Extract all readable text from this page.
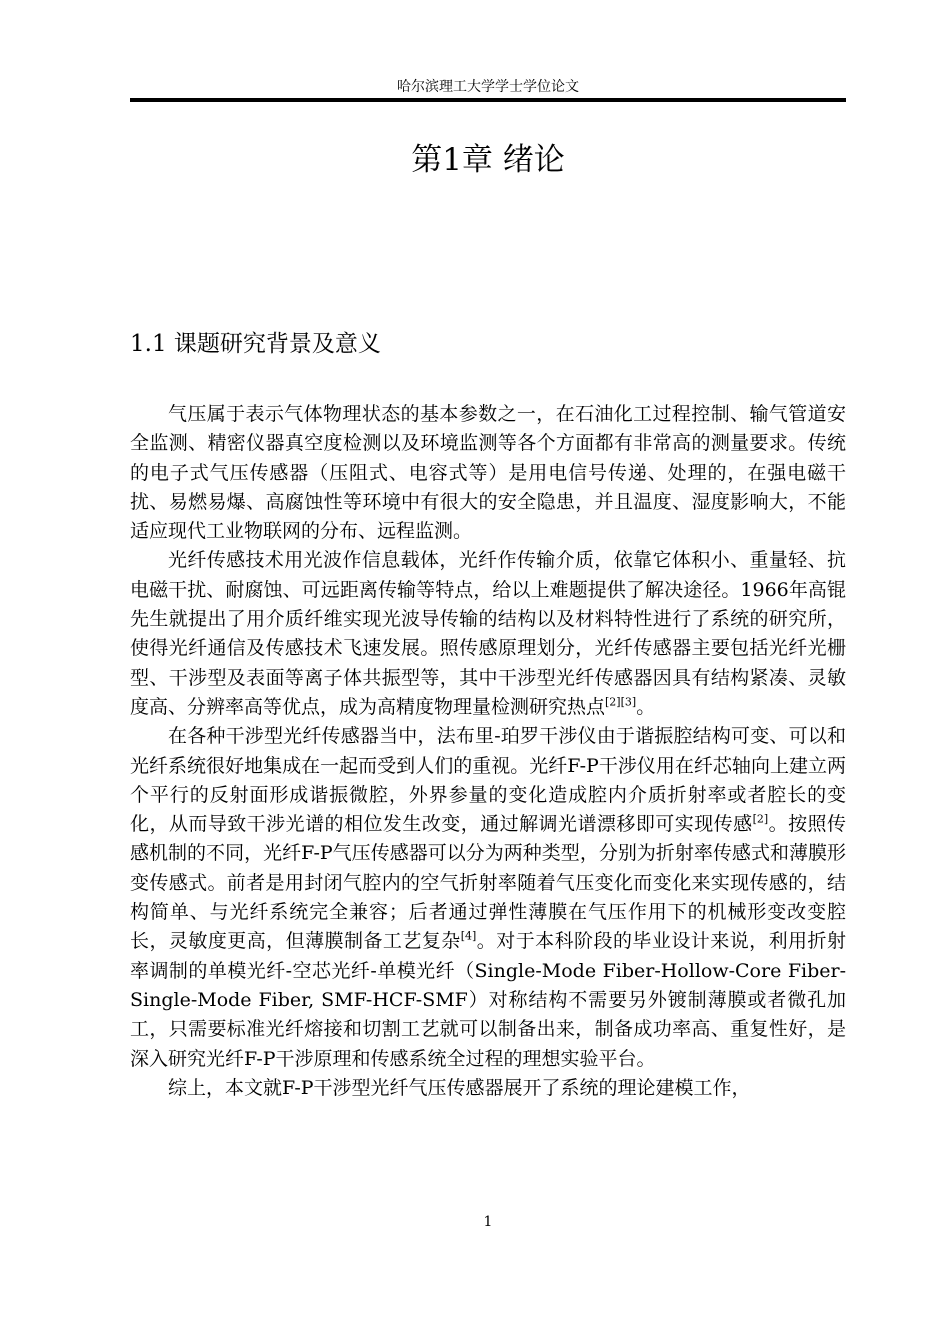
哈尔滨理工大学学士学位论文
第1章 绪论
1.1 课题研究背景及意义

气压属于表示气体物理状态的基本参数之一，在石油化工过程控制、输气管道安全监测、精密仪器真空度检测以及环境监测等各个方面都有非常高的测量要求。传统的电子式气压传感器（压阻式、电容式等）是用电信号传递、处理的，在强电磁干扰、易燃易爆、高腐蚀性等环境中有很大的安全隐患，并且温度、湿度影响大，不能适应现代工业物联网的分布、远程监测。

光纤传感技术用光波作信息载体，光纤作传输介质，依靠它体积小、重量轻、抗电磁干扰、耐腐蚀、可远距离传输等特点，给以上难题提供了解决途径。1966年高锟先生就提出了用介质纤维实现光波导传输的结构以及材料特性进行了系统的研究所，使得光纤通信及传感技术飞速发展。照传感原理划分，光纤传感器主要包括光纤光栅型、干涉型及表面等离子体共振型等，其中干涉型光纤传感器因具有结构紧凑、灵敏度高、分辨率高等优点，成为高精度物理量检测研究热点[2][3]。

在各种干涉型光纤传感器当中，法布里-珀罗干涉仪由于谐振腔结构可变、可以和光纤系统很好地集成在一起而受到人们的重视。光纤F-P干涉仪用在纤芯轴向上建立两个平行的反射面形成谐振微腔，外界参量的变化造成腔内介质折射率或者腔长的变化，从而导致干涉光谱的相位发生改变，通过解调光谱漂移即可实现传感[2]。按照传感机制的不同，光纤F-P气压传感器可以分为两种类型，分别为折射率传感式和薄膜形变传感式。前者是用封闭气腔内的空气折射率随着气压变化而变化来实现传感的，结构简单、与光纤系统完全兼容；后者通过弹性薄膜在气压作用下的机械形变改变腔长，灵敏度更高，但薄膜制备工艺复杂[4]。对于本科阶段的毕业设计来说，利用折射率调制的单模光纤-空芯光纤-单模光纤（Single-Mode Fiber-Hollow-Core Fiber-Single-Mode Fiber, SMF-HCF-SMF）对称结构不需要另外镀制薄膜或者微孔加工，只需要标准光纤熔接和切割工艺就可以制备出来，制备成功率高、重复性好，是深入研究光纤F-P干涉原理和传感系统全过程的理想实验平台。

综上，本文就F-P干涉型光纤气压传感器展开了系统的理论建模工作，

1
